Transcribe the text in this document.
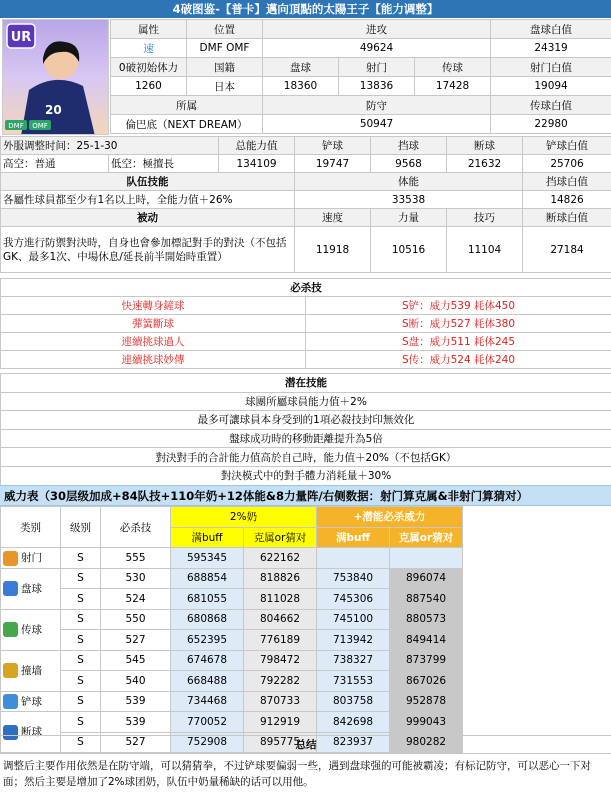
4破图鉴-【普卡】邁向頂點的太陽王子【能力调整】
UR
20
DMF OMF
属性	位置	进攻			盘球白值
速	DMF OMF	49624			24319
0破初始体力	国籍	盘球	射门	传球	射门白值
1260	日本	18360	13836	17428	19094
所属		防守			传球白值
倫巴底（NEXT DREAM）		50947			22980
外服调整时间：25-1-30		总能力值	铲球	挡球	断球	铲球白值
高空：普通	低空：極擅長	134109	19747	9568	21632	25706
队伍技能			体能			挡球白值
各屬性球員都至少有1名以上時，全能力值＋26%			33538			14826
被动			速度	力量	技巧	断球白值
我方進行防禦對決時，自身也會參加標記對手的對決（不包括GK、最多1次、中場休息/延長前半開始時重置）			11918	10516	11104	27184
必杀技	
快速轉身鏟球	S铲：威力539 耗体450
彈簧斷球	S断：威力527 耗体380
連續挑球過人	S盘：威力511 耗体245
連續挑球妙傳	S传：威力524 耗体240
潜在技能
球團所屬球員能力值＋2%
最多可讓球員本身受到的1項必殺技封印無效化
盤球成功時的移動距離提升為5倍
對決對手的合計能力值高於自己時，能力值＋20%（不包括GK）
對決模式中的對手體力消耗量＋30%
威力表（30层级加成+84队技+110年奶+12体能&8力量阵/右侧数据：射门算克属&非射门算猜对）
类别	级别	必杀技	2%奶		+潜能必杀威力		
			满buff	克属or猜对	满buff	克属or猜对	
射门	S	555	595345	622162			
盘球	S	530	688854	818826	753840	896074	
	S	524	681055	811028	745306	887540	
传球	S	550	680868	804662	745100	880573	
	S	527	652395	776189	713942	849414	
撞墙	S	545	674678	798472	738327	873799	
	S	540	668488	792282	731553	867026	
铲球	S	539	734468	870733	803758	952878	
断球	S	539	770052	912919	842698	999043	
	S	527	752908	895775	823937	980282	
总结
调整后主要作用依然是在防守端，可以猜猜拳，不过铲球要偏弱一些，遇到盘球强的可能被霸凌；有标记防守，可以恶心一下对面；然后主要是增加了2%球团奶，队伍中奶量稀缺的话可以用他。
